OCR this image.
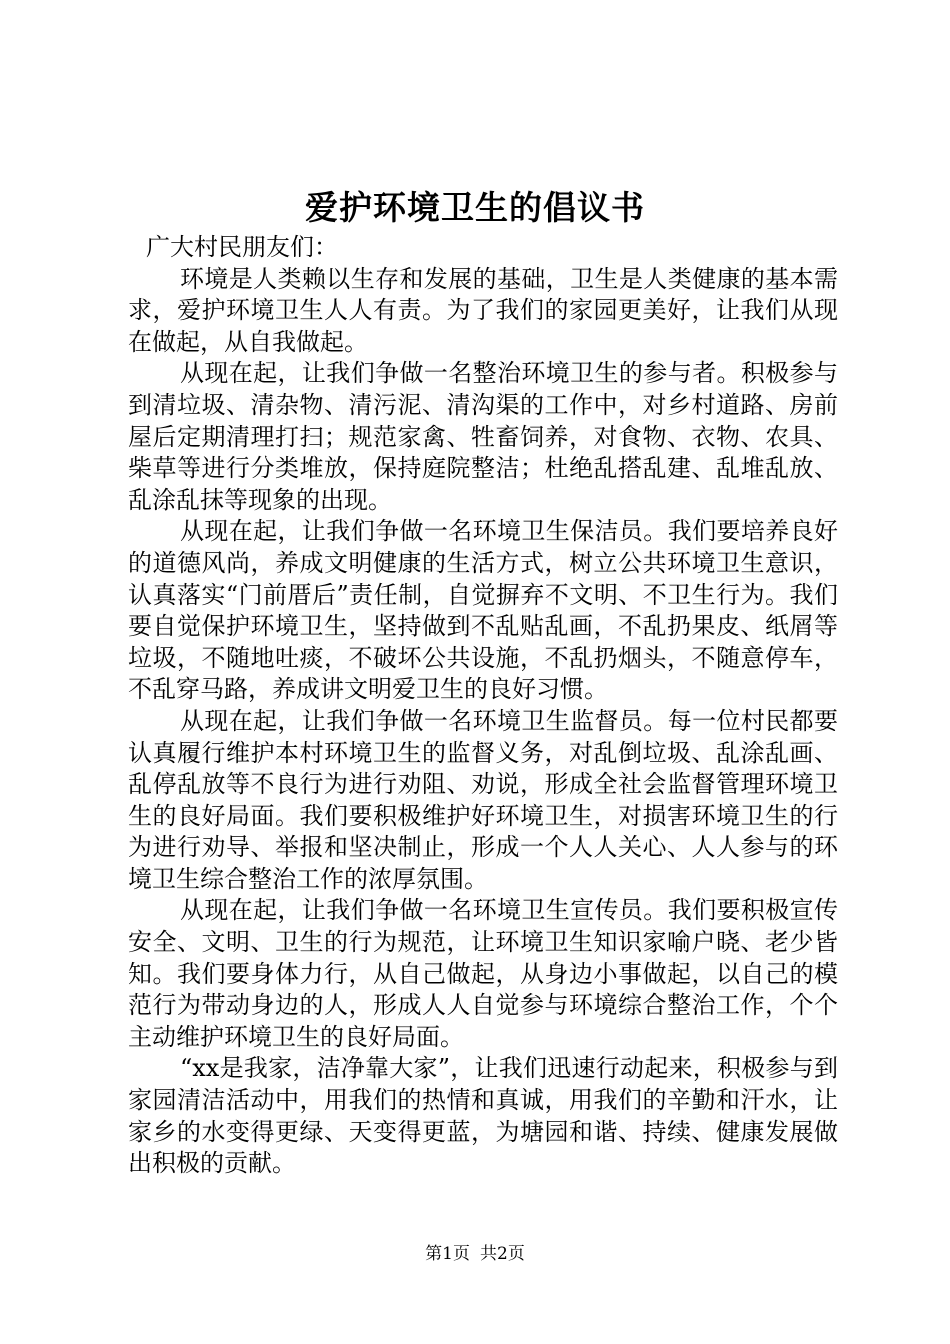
爱护环境卫生的倡议书

广大村民朋友们：

环境是人类赖以生存和发展的基础，卫生是人类健康的基本需求，爱护环境卫生人人有责。为了我们的家园更美好，让我们从现在做起，从自我做起。

从现在起，让我们争做一名整治环境卫生的参与者。积极参与到清垃圾、清杂物、清污泥、清沟渠的工作中，对乡村道路、房前屋后定期清理打扫；规范家禽、牲畜饲养，对食物、衣物、农具、柴草等进行分类堆放，保持庭院整洁；杜绝乱搭乱建、乱堆乱放、乱涂乱抹等现象的出现。

从现在起，让我们争做一名环境卫生保洁员。我们要培养良好的道德风尚，养成文明健康的生活方式，树立公共环境卫生意识，认真落实“门前厝后”责任制，自觉摒弃不文明、不卫生行为。我们要自觉保护环境卫生，坚持做到不乱贴乱画，不乱扔果皮、纸屑等垃圾，不随地吐痰，不破坏公共设施，不乱扔烟头，不随意停车，不乱穿马路，养成讲文明爱卫生的良好习惯。

从现在起，让我们争做一名环境卫生监督员。每一位村民都要认真履行维护本村环境卫生的监督义务，对乱倒垃圾、乱涂乱画、乱停乱放等不良行为进行劝阻、劝说，形成全社会监督管理环境卫生的良好局面。我们要积极维护好环境卫生，对损害环境卫生的行为进行劝导、举报和坚决制止，形成一个人人关心、人人参与的环境卫生综合整治工作的浓厚氛围。

从现在起，让我们争做一名环境卫生宣传员。我们要积极宣传安全、文明、卫生的行为规范，让环境卫生知识家喻户晓、老少皆知。我们要身体力行，从自己做起，从身边小事做起，以自己的模范行为带动身边的人，形成人人自觉参与环境综合整治工作，个个主动维护环境卫生的良好局面。

“xx是我家，洁净靠大家”，让我们迅速行动起来，积极参与到家园清洁活动中，用我们的热情和真诚，用我们的辛勤和汗水，让家乡的水变得更绿、天变得更蓝，为塘园和谐、持续、健康发展做出积极的贡献。

第1页 共2页
